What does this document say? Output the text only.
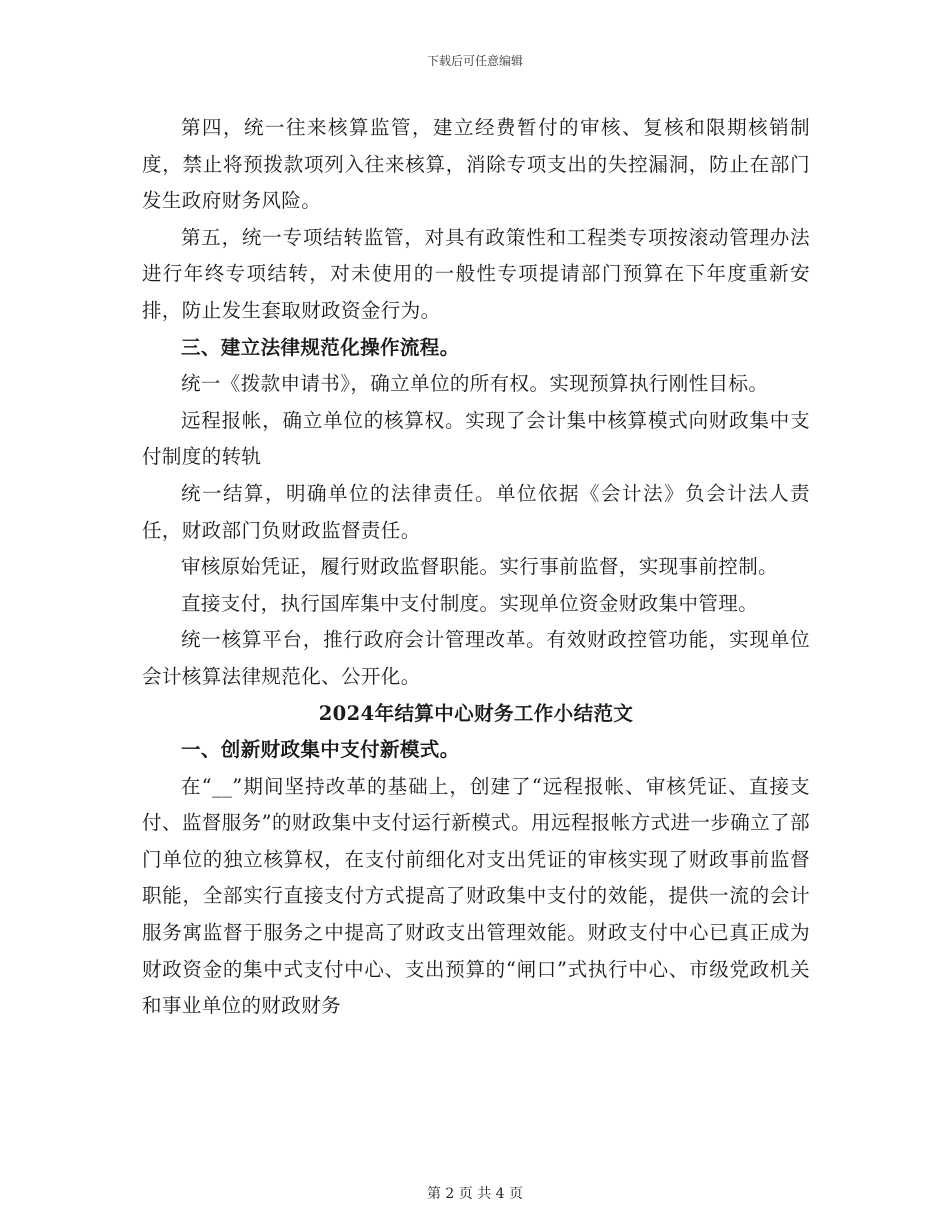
下载后可任意编辑

第四，统一往来核算监管，建立经费暂付的审核、复核和限期核销制度，禁止将预拨款项列入往来核算，消除专项支出的失控漏洞，防止在部门发生政府财务风险。

第五，统一专项结转监管，对具有政策性和工程类专项按滚动管理办法进行年终专项结转，对未使用的一般性专项提请部门预算在下年度重新安排，防止发生套取财政资金行为。

三、建立法律规范化操作流程。

统一《拨款申请书》，确立单位的所有权。实现预算执行刚性目标。

远程报帐，确立单位的核算权。实现了会计集中核算模式向财政集中支付制度的转轨

统一结算，明确单位的法律责任。单位依据《会计法》负会计法人责任，财政部门负财政监督责任。

审核原始凭证，履行财政监督职能。实行事前监督，实现事前控制。

直接支付，执行国库集中支付制度。实现单位资金财政集中管理。

统一核算平台，推行政府会计管理改革。有效财政控管功能，实现单位会计核算法律规范化、公开化。

2024年结算中心财务工作小结范文

一、创新财政集中支付新模式。

在“__”期间坚持改革的基础上，创建了“远程报帐、审核凭证、直接支付、监督服务”的财政集中支付运行新模式。用远程报帐方式进一步确立了部门单位的独立核算权，在支付前细化对支出凭证的审核实现了财政事前监督职能，全部实行直接支付方式提高了财政集中支付的效能，提供一流的会计服务寓监督于服务之中提高了财政支出管理效能。财政支付中心已真正成为财政资金的集中式支付中心、支出预算的“闸口”式执行中心、市级党政机关和事业单位的财政财务

第 2 页 共 4 页
